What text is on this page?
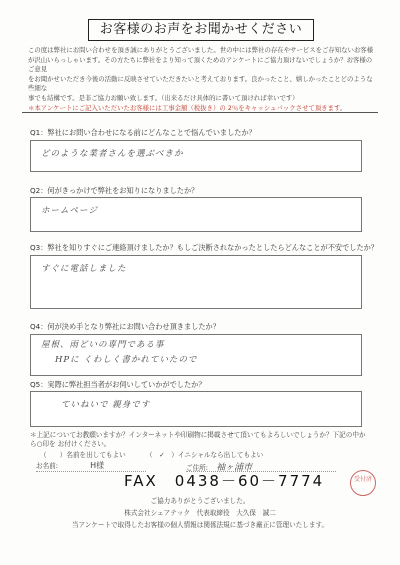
お客様のお声をお聞かせください

この度は弊社にお問い合わせを頂き誠にありがとうございました。世の中には弊社の存在やサービスをご存知ないお客様

が沢山いらっしゃいます。その方たちに弊社をより知って頂くためのアンケートにご協力頂けないでしょうか？お客様のご意見

をお聞かせいただき今後の活動に反映させていただきたいと考えております。良かったこと、嬉しかったことどのような些細な

事でも結構です。是非ご協力お願い致します。（出来るだけ具体的に書いて頂ければ幸いです）

＊本アンケートにご記入いただいたお客様には工事金額（税抜き）の 2％をキャッシュバックさせて頂きます。

Q1：弊社にお問い合わせになる前にどんなことで悩んでいましたか？
どのような業者さんを選ぶべきか
Q2：何がきっかけで弊社をお知りになりましたか？
ホームページ
Q3：弊社を知りすぐにご連絡頂けましたか？もしご決断されなかったとしたらどんなことが不安でしたか？
すぐに電話しました
Q4：何が決め手となり弊社にお問い合わせ頂きましたか？
屋根、雨どいの専門である事
HPに くわしく書かれていたので
Q5：実際に弊社担当者がお伺いしていかがでしたか？
ていねいで 親身です
＊上記についてお教願いますか？インターネットや印刷物に掲載させて頂いてもよろしいでしょうか？下記の中から○印を お付けください。
（　　）名前を出してもよい	（　✓　）イニシャルなら出してもよい
お名前:	H様	ご住所: 袖ヶ浦市
FAX　0438－60－7774	受付済
ご協力ありがとうございました。
株式会社シェアテック　代表取締役　大久保　誠二
当アンケートで取得したお客様の個人情報は関係法規に基づき厳正に管理いたします。
